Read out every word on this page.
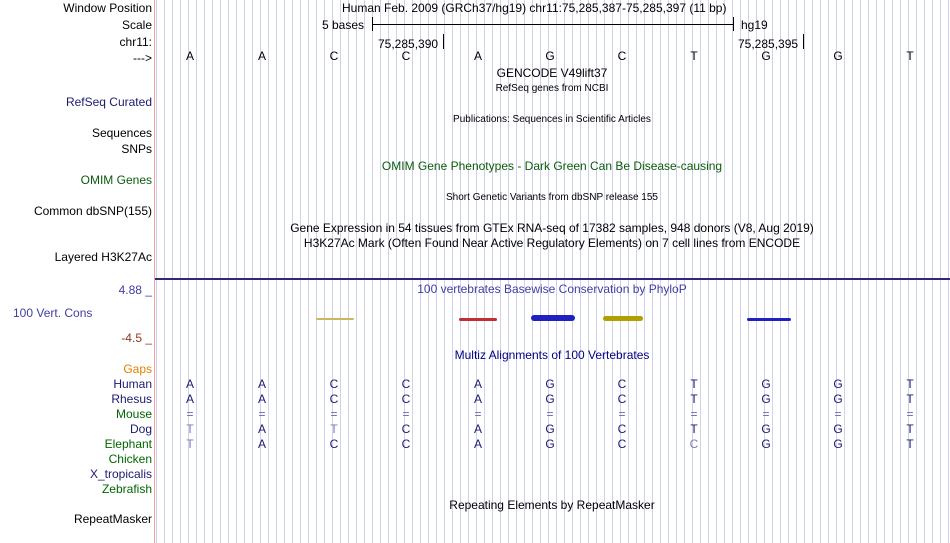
Window Position	Human Feb. 2009 (GRCh37/hg19) chr11:75,285,387-75,285,397 (11 bp)
Scale	5 bases	hg19
chr11:	75,285,390	75,285,395
--->	A	A	C	C	A	G	C	T	G	G	T
GENCODE V49lift37
RefSeq genes from NCBI
RefSeq Curated
Publications: Sequences in Scientific Articles
Sequences
SNPs
OMIM Gene Phenotypes - Dark Green Can Be Disease-causing
OMIM Genes
Short Genetic Variants from dbSNP release 155
Common dbSNP(155)
Gene Expression in 54 tissues from GTEx RNA-seq of 17382 samples, 948 donors (V8, Aug 2019)
H3K27Ac Mark (Often Found Near Active Regulatory Elements) on 7 cell lines from ENCODE
Layered H3K27Ac
4.88 _	100 vertebrates Basewise Conservation by PhyloP
100 Vert. Cons
-4.5 _
Multiz Alignments of 100 Vertebrates
Gaps
Human	A	A	C	C	A	G	C	T	G	G	T
Rhesus	A	A	C	C	A	G	C	T	G	G	T
Mouse	=	=	=	=	=	=	=	=	=	=	=
Dog	T	A	T	C	A	G	C	T	G	G	T
Elephant	T	A	C	C	A	G	C	C	G	G	T
Chicken
X_tropicalis
Zebrafish
Repeating Elements by RepeatMasker
RepeatMasker
